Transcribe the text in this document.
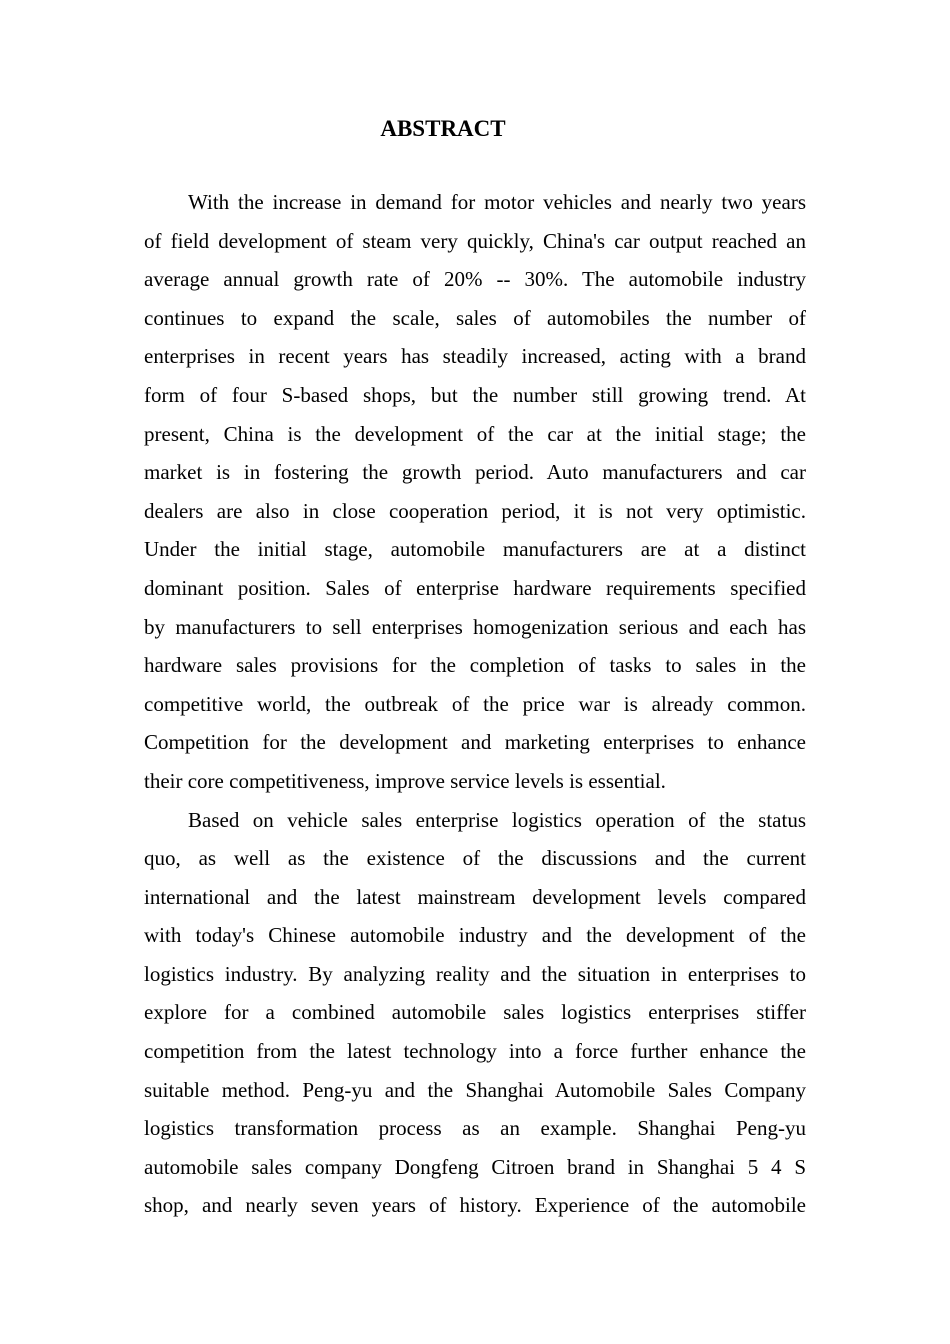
ABSTRACT
With the increase in demand for motor vehicles and nearly two years
of field development of steam very quickly, China's car output reached an
average annual growth rate of 20% -- 30%. The automobile industry
continues to expand the scale, sales of automobiles the number of
enterprises in recent years has steadily increased, acting with a brand
form of four S-based shops, but the number still growing trend. At
present, China is the development of the car at the initial stage; the
market is in fostering the growth period. Auto manufacturers and car
dealers are also in close cooperation period, it is not very optimistic.
Under the initial stage, automobile manufacturers are at a distinct
dominant position. Sales of enterprise hardware requirements specified
by manufacturers to sell enterprises homogenization serious and each has
hardware sales provisions for the completion of tasks to sales in the
competitive world, the outbreak of the price war is already common.
Competition for the development and marketing enterprises to enhance
their core competitiveness, improve service levels is essential.
Based on vehicle sales enterprise logistics operation of the status
quo, as well as the existence of the discussions and the current
international and the latest mainstream development levels compared
with today's Chinese automobile industry and the development of the
logistics industry. By analyzing reality and the situation in enterprises to
explore for a combined automobile sales logistics enterprises stiffer
competition from the latest technology into a force further enhance the
suitable method. Peng-yu and the Shanghai Automobile Sales Company
logistics transformation process as an example. Shanghai Peng-yu
automobile sales company Dongfeng Citroen brand in Shanghai 5 4 S
shop, and nearly seven years of history. Experience of the automobile
